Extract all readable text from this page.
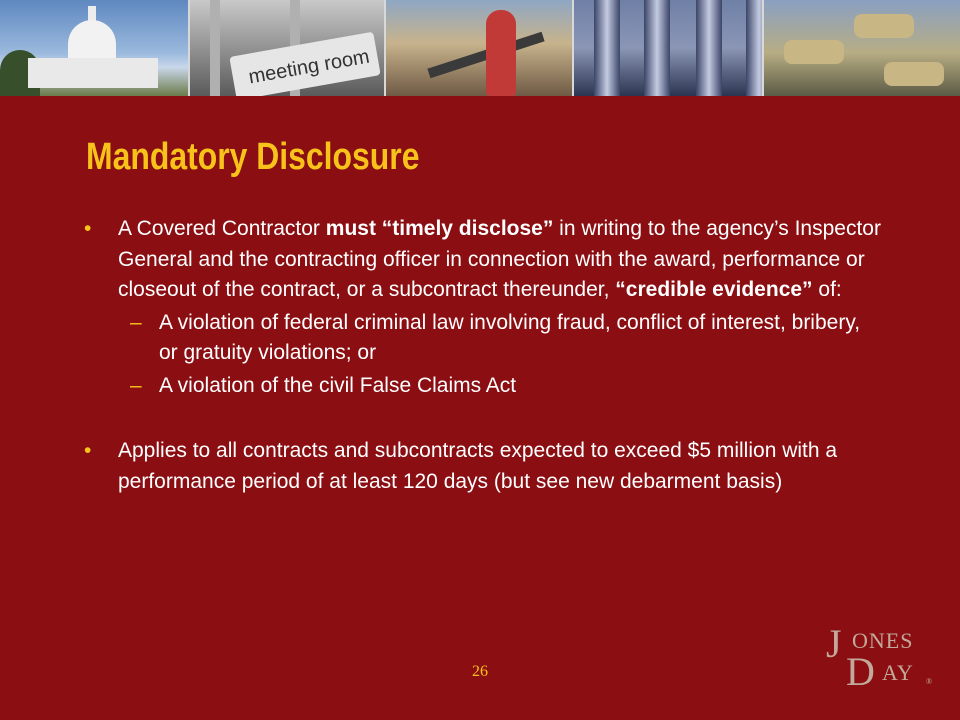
meeting room
Mandatory Disclosure

• A Covered Contractor must “timely disclose” in writing to the agency’s Inspector General and the contracting officer in connection with the award, performance or closeout of the contract, or a subcontract thereunder, “credible evidence” of:

– A violation of federal criminal law involving fraud, conflict of interest, bribery, or gratuity violations; or

– A violation of the civil False Claims Act

• Applies to all contracts and subcontracts expected to exceed $5 million with a performance period of at least 120 days (but see new debarment basis)

26
J ONES
D AY ®
